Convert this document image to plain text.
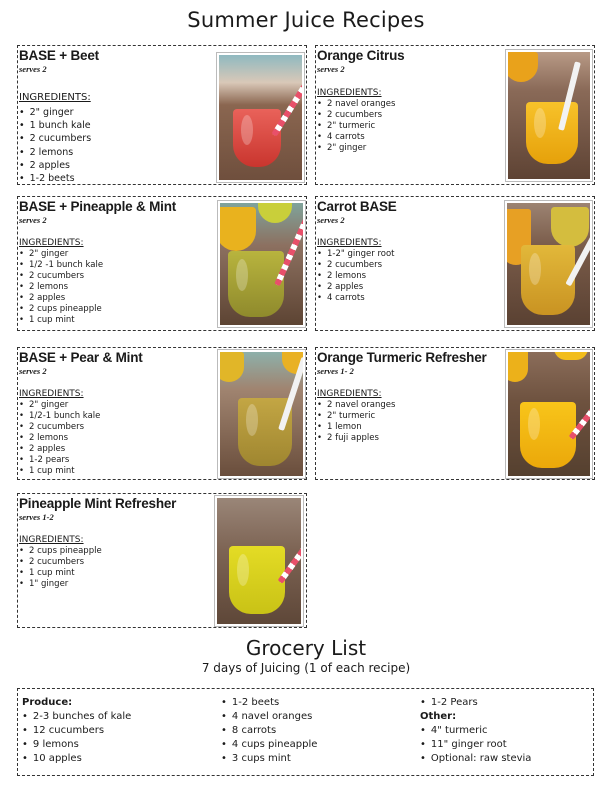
Summer Juice Recipes
BASE + Beet
serves 2
INGREDIENTS:
• 2" ginger
• 1 bunch kale
• 2 cucumbers
• 2 lemons
• 2 apples
• 1-2 beets
Orange Citrus
serves 2
INGREDIENTS:
• 2 navel oranges
• 2 cucumbers
• 2" turmeric
• 4 carrots
• 2" ginger
BASE + Pineapple & Mint
serves 2
INGREDIENTS:
• 2" ginger
• 1/2 -1 bunch kale
• 2 cucumbers
• 2 lemons
• 2 apples
• 2 cups pineapple
• 1 cup mint
Carrot BASE
serves 2
INGREDIENTS:
• 1-2" ginger root
• 2 cucumbers
• 2 lemons
• 2 apples
• 4 carrots
BASE + Pear & Mint
serves 2
INGREDIENTS:
• 2" ginger
• 1/2-1 bunch kale
• 2 cucumbers
• 2 lemons
• 2 apples
• 1-2 pears
• 1 cup mint
Orange Turmeric Refresher
serves 1- 2
INGREDIENTS:
• 2 navel oranges
• 2" turmeric
• 1 lemon
• 2 fuji apples
Pineapple Mint Refresher
serves 1-2
INGREDIENTS:
• 2 cups pineapple
• 2 cucumbers
• 1 cup mint
• 1" ginger
Grocery List
7 days of Juicing (1 of each recipe)
Produce:
• 2-3 bunches of kale
• 12 cucumbers
• 9 lemons
• 10 apples
• 1-2 beets
• 4 navel oranges
• 8 carrots
• 4 cups pineapple
• 3 cups mint
• 1-2 Pears
Other:
• 4" turmeric
• 11" ginger root
• Optional: raw stevia
